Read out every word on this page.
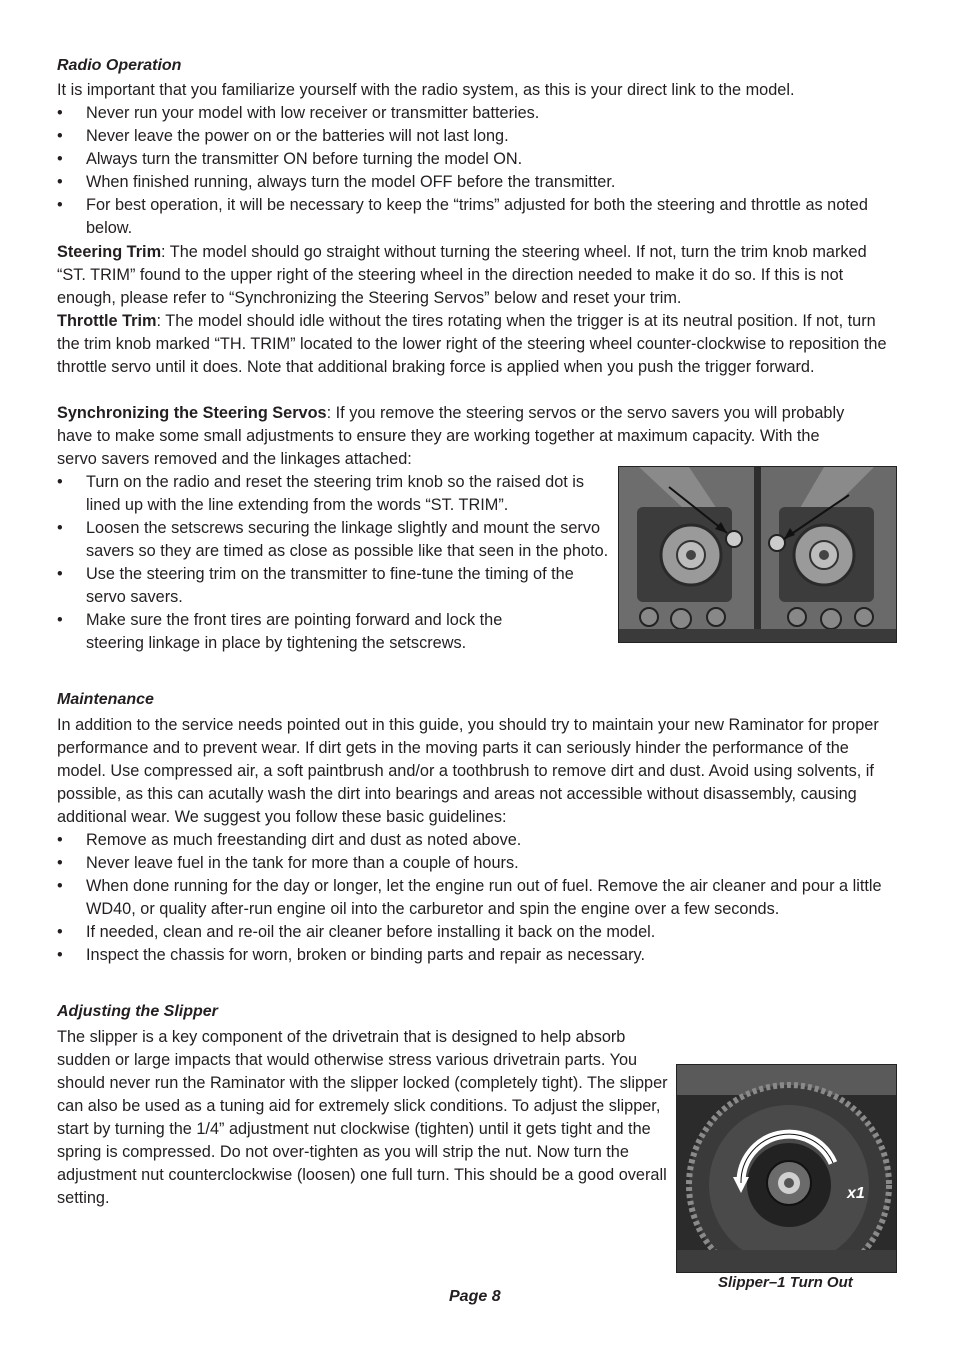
Radio Operation
It is important that you familiarize yourself with the radio system, as this is your direct link to the model.
• Never run your model with low receiver or transmitter batteries.
• Never leave the power on or the batteries will not last long.
• Always turn the transmitter ON before turning the model ON.
• When finished running, always turn the model OFF before the transmitter.
• For best operation, it will be necessary to keep the “trims” adjusted for both the steering and throttle as noted below.
Steering Trim: The model should go straight without turning the steering wheel. If not, turn the trim knob marked “ST. TRIM” found to the upper right of the steering wheel in the direction needed to make it do so. If this is not enough, please refer to “Synchronizing the Steering Servos” below and reset your trim.
Throttle Trim: The model should idle without the tires rotating when the trigger is at its neutral position. If not, turn the trim knob marked “TH. TRIM” located to the lower right of the steering wheel counter-clockwise to reposition the throttle servo until it does. Note that additional braking force is applied when you push the trigger forward.
Synchronizing the Steering Servos: If you remove the steering servos or the servo savers you will probably have to make some small adjustments to ensure they are working together at maximum capacity. With the servo savers removed and the linkages attached:
• Turn on the radio and reset the steering trim knob so the raised dot is lined up with the line extending from the words “ST. TRIM”.
• Loosen the setscrews securing the linkage slightly and mount the servo savers so they are timed as close as possible like that seen in the photo.
• Use the steering trim on the transmitter to fine-tune the timing of the servo savers.
• Make sure the front tires are pointing forward and lock the steering linkage in place by tightening the setscrews.
Maintenance
In addition to the service needs pointed out in this guide, you should try to maintain your new Raminator for proper performance and to prevent wear. If dirt gets in the moving parts it can seriously hinder the performance of the model. Use compressed air, a soft paintbrush and/or a toothbrush to remove dirt and dust. Avoid using solvents, if possible, as this can acutally wash the dirt into bearings and areas not accessible without disassembly, causing additional wear. We suggest you follow these basic guidelines:
• Remove as much freestanding dirt and dust as noted above.
• Never leave fuel in the tank for more than a couple of hours.
• When done running for the day or longer, let the engine run out of fuel. Remove the air cleaner and pour a little WD40, or quality after-run engine oil into the carburetor and spin the engine over a few seconds.
• If needed, clean and re-oil the air cleaner before installing it back on the model.
• Inspect the chassis for worn, broken or binding parts and repair as necessary.
Adjusting the Slipper
The slipper is a key component of the drivetrain that is designed to help absorb sudden or large impacts that would otherwise stress various drivetrain parts. You should never run the Raminator with the slipper locked (completely tight). The slipper can also be used as a tuning aid for extremely slick conditions. To adjust the slipper, start by turning the 1/4” adjustment nut clockwise (tighten) until it gets tight and the spring is compressed. Do not over-tighten as you will strip the nut. Now turn the adjustment nut counterclockwise (loosen) one full turn. This should be a good overall setting.	x1
Slipper–1 Turn Out
Page 8
